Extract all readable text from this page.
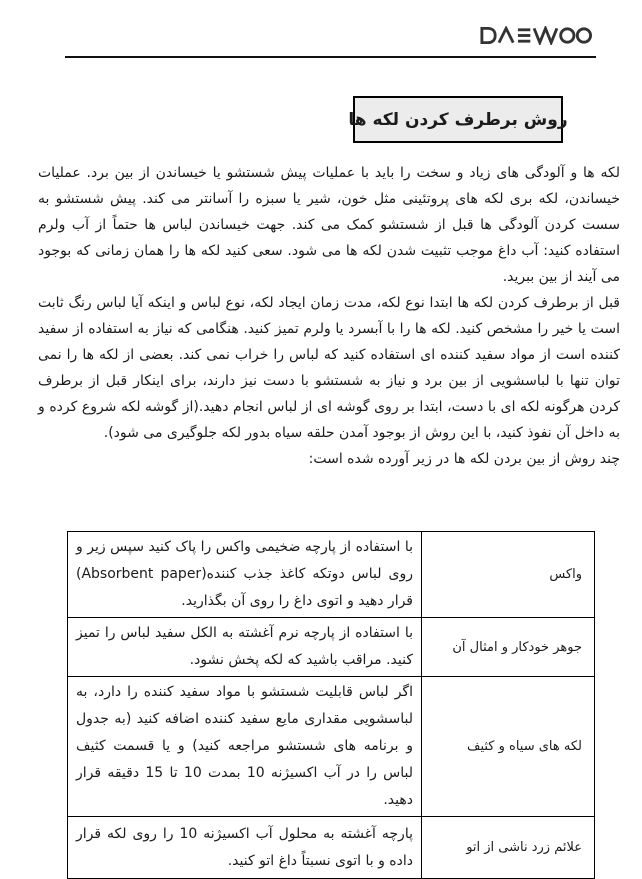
روش برطرف کردن لکه ها

لکه ها و آلودگی های زیاد و سخت را باید با عملیات پیش شستشو یا خیساندن از بین برد. عملیات خیساندن، لکه بری لکه های پروتئینی مثل خون، شیر یا سبزه را آسانتر می کند. پیش شستشو به سست کردن آلودگی ها قبل از شستشو کمک می کند. جهت خیساندن لباس ها حتماً از آب ولرم استفاده کنید: آب داغ موجب تثبیت شدن لکه ها می شود. سعی کنید لکه ها را همان زمانی که بوجود می آیند از بین ببرید.

قبل از برطرف کردن لکه ها ابتدا نوع لکه، مدت زمان ایجاد لکه، نوع لباس و اینکه آیا لباس رنگ ثابت است یا خیر را مشخص کنید. لکه ها را با آبسرد یا ولرم تمیز کنید. هنگامی که نیاز به استفاده از سفید کننده است از مواد سفید کننده ای استفاده کنید که لباس را خراب نمی کند. بعضی از لکه ها را نمی توان تنها با لباسشویی از بین برد و نیاز به شستشو با دست نیز دارند، برای اینکار قبل از برطرف کردن هرگونه لکه ای با دست، ابتدا بر روی گوشه ای از لباس انجام دهید.(از گوشه لکه شروع کرده و به داخل آن نفوذ کنید، با این روش از بوجود آمدن حلقه سیاه بدور لکه جلوگیری می شود).

چند روش از بین بردن لکه ها در زیر آورده شده است:

واکس	با استفاده از پارچه ضخیمی واکس را پاک کنید سپس زیر و روی لباس دوتکه کاغذ جذب کننده(Absorbent paper) قرار دهید و اتوی داغ را روی آن بگذارید.
جوهر خودکار و امثال آن	با استفاده از پارچه نرم آغشته به الکل سفید لباس را تمیز کنید. مراقب باشید که لکه پخش نشود.
لکه های سیاه و کثیف	اگر لباس قابلیت شستشو با مواد سفید کننده را دارد، به لباسشویی مقداری مایع سفید کننده اضافه کنید (به جدول و برنامه های شستشو مراجعه کنید) و یا قسمت کثیف لباس را در آب اکسیژنه 10 بمدت 10 تا 15 دقیقه قرار دهید.
علائم زرد ناشی از اتو	پارچه آغشته به محلول آب اکسیژنه 10 را روی لکه قرار داده و با اتوی نسبتاً داغ اتو کنید.
